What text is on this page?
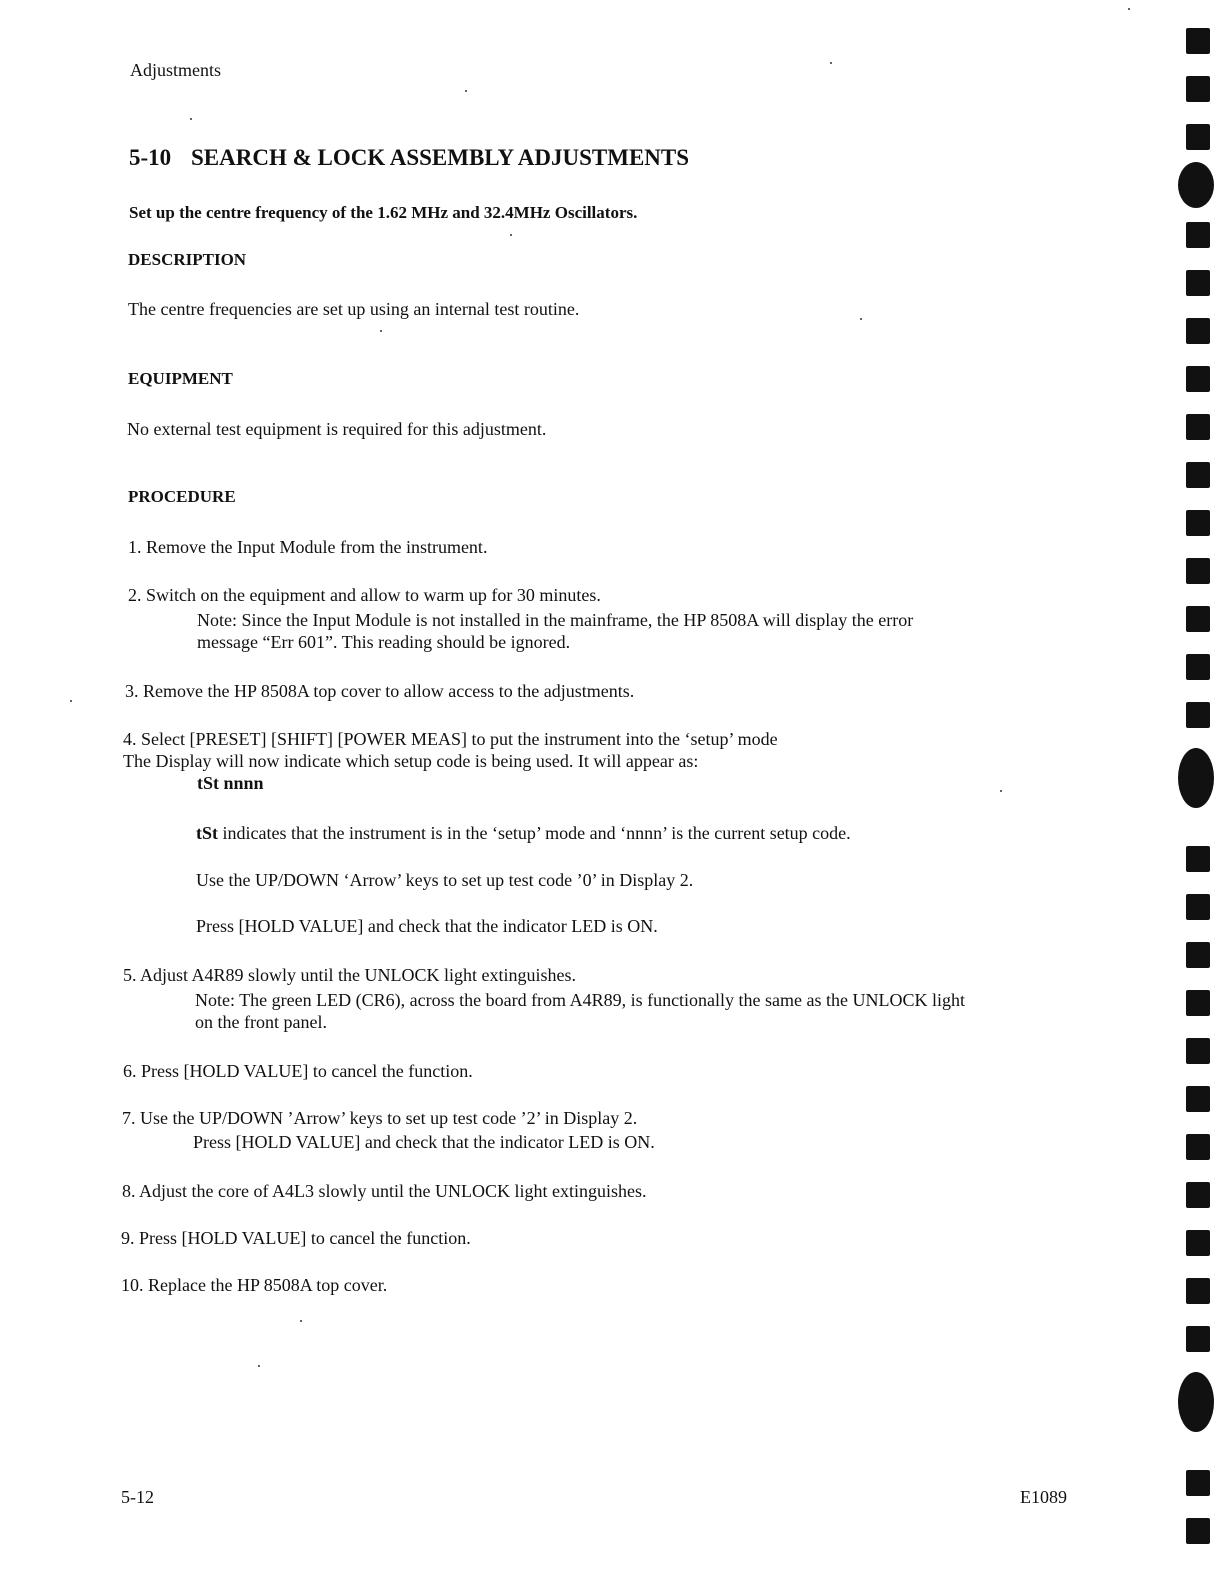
Adjustments
5-10 SEARCH & LOCK ASSEMBLY ADJUSTMENTS
Set up the centre frequency of the 1.62 MHz and 32.4MHz Oscillators.
DESCRIPTION
The centre frequencies are set up using an internal test routine.
EQUIPMENT
No external test equipment is required for this adjustment.
PROCEDURE
1. Remove the Input Module from the instrument.
2. Switch on the equipment and allow to warm up for 30 minutes.
Note: Since the Input Module is not installed in the mainframe, the HP 8508A will display the error
message “Err 601”. This reading should be ignored.
3. Remove the HP 8508A top cover to allow access to the adjustments.
4. Select [PRESET] [SHIFT] [POWER MEAS] to put the instrument into the ‘setup’ mode
The Display will now indicate which setup code is being used. It will appear as:
tSt nnnn
tSt indicates that the instrument is in the ‘setup’ mode and ‘nnnn’ is the current setup code.
Use the UP/DOWN ‘Arrow’ keys to set up test code ’0’ in Display 2.
Press [HOLD VALUE] and check that the indicator LED is ON.
5. Adjust A4R89 slowly until the UNLOCK light extinguishes.
Note: The green LED (CR6), across the board from A4R89, is functionally the same as the UNLOCK light
on the front panel.
6. Press [HOLD VALUE] to cancel the function.
7. Use the UP/DOWN ’Arrow’ keys to set up test code ’2’ in Display 2.
Press [HOLD VALUE] and check that the indicator LED is ON.
8. Adjust the core of A4L3 slowly until the UNLOCK light extinguishes.
9. Press [HOLD VALUE] to cancel the function.
10. Replace the HP 8508A top cover.
5-12	E1089
